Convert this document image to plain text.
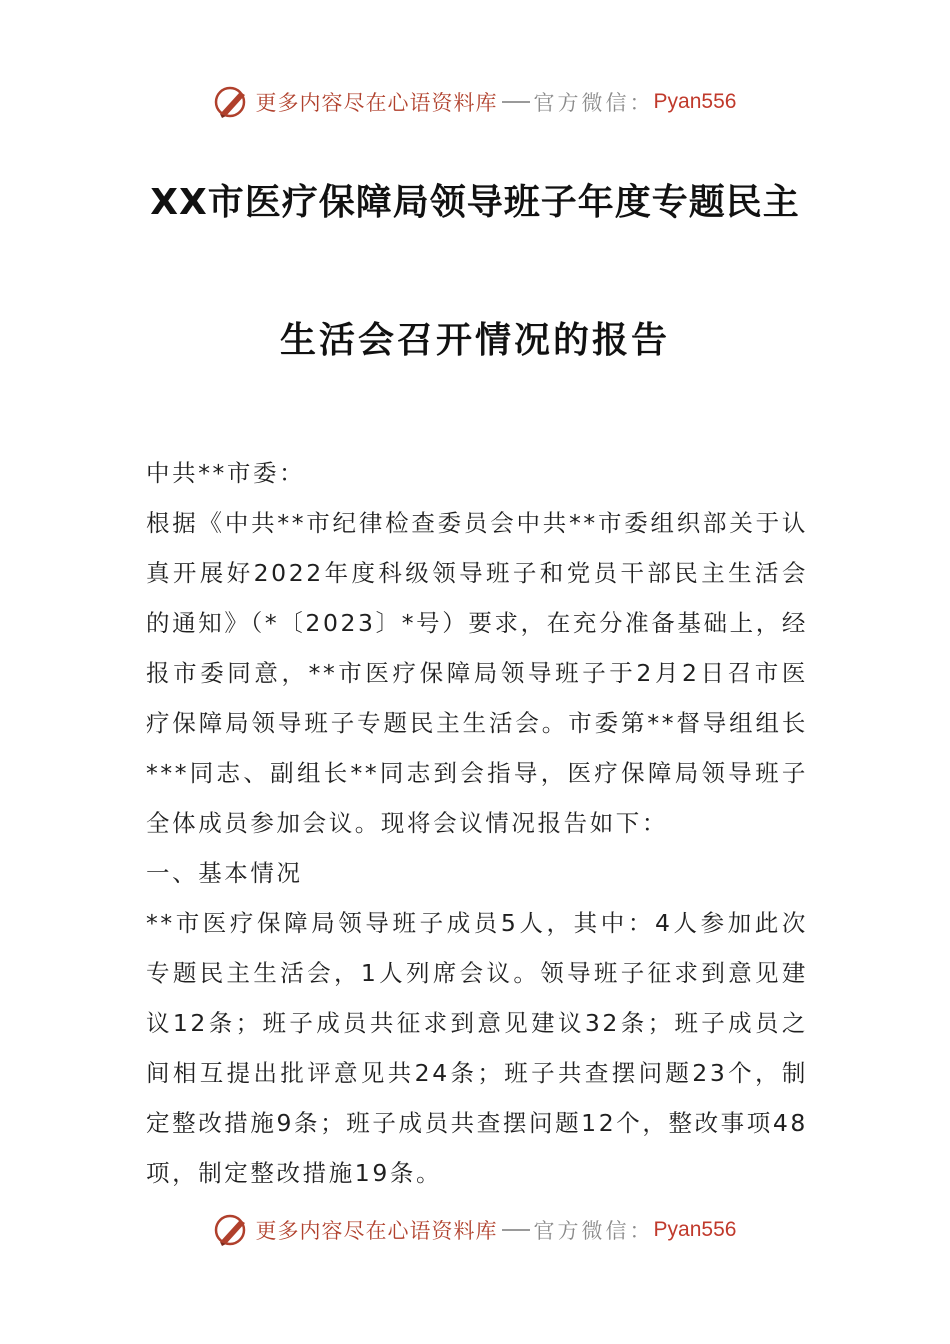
更多内容尽在心语资料库 官方微信： Pyan556
XX市医疗保障局领导班子年度专题民主
生活会召开情况的报告

中共**市委：

根据《中共**市纪律检查委员会中共**市委组织部关于认真开展好2022年度科级领导班子和党员干部民主生活会的通知》（*〔2023〕*号）要求，在充分准备基础上，经报市委同意，**市医疗保障局领导班子于2月2日召市医疗保障局领导班子专题民主生活会。市委第**督导组组长***同志、副组长**同志到会指导，医疗保障局领导班子全体成员参加会议。现将会议情况报告如下：

一、基本情况

**市医疗保障局领导班子成员5人，其中：4人参加此次专题民主生活会，1人列席会议。领导班子征求到意见建议12条；班子成员共征求到意见建议32条；班子成员之间相互提出批评意见共24条；班子共查摆问题23个，制定整改措施9条；班子成员共查摆问题12个，整改事项48项，制定整改措施19条。

更多内容尽在心语资料库 官方微信： Pyan556
